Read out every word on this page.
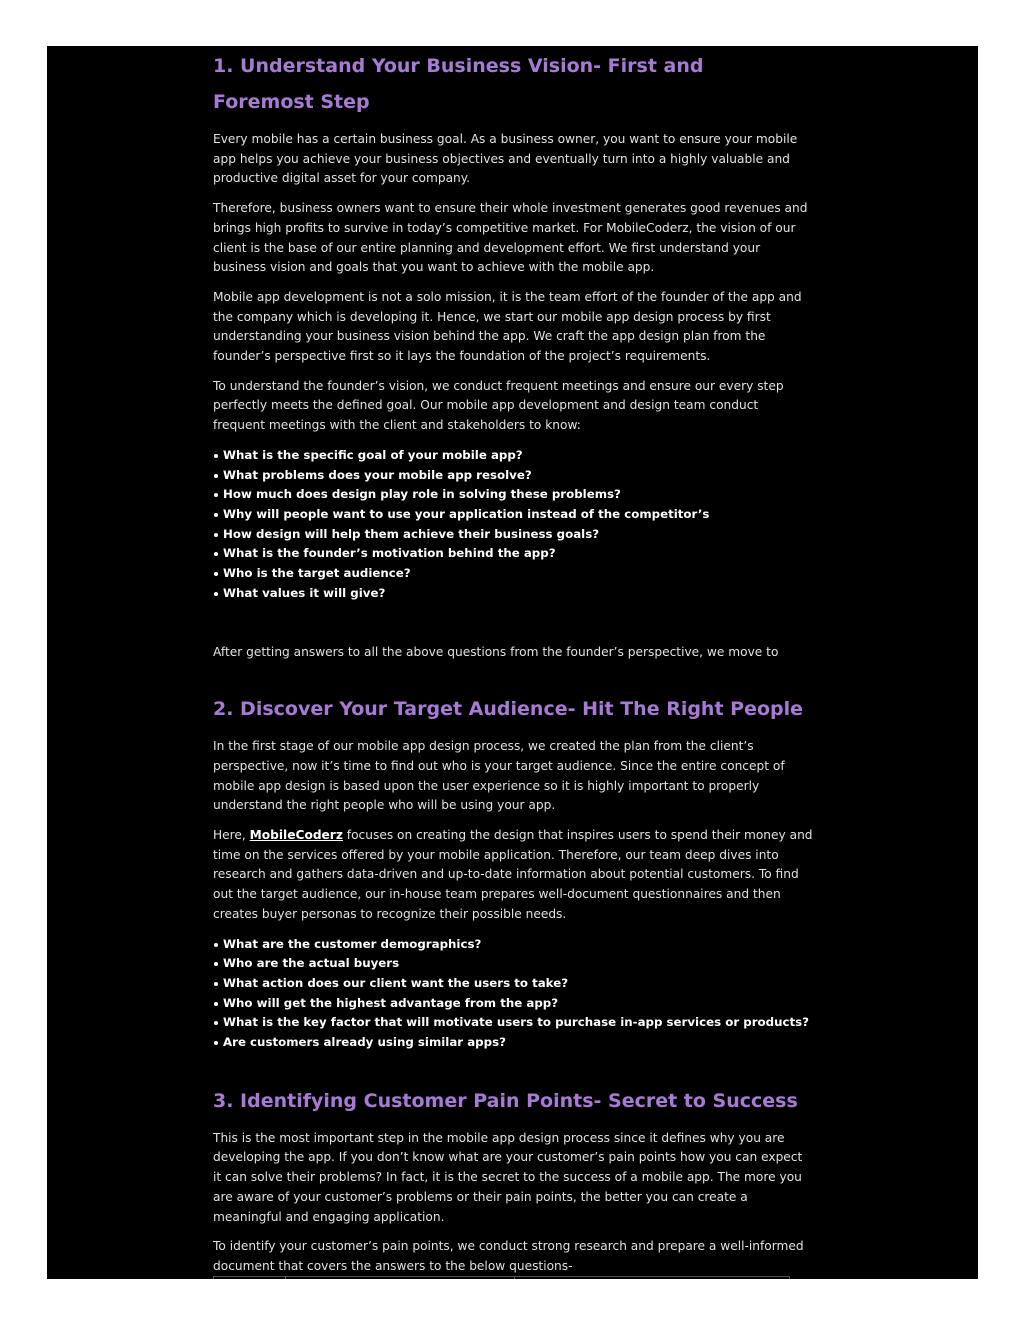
1. Understand Your Business Vision- First and Foremost Step

Every mobile has a certain business goal. As a business owner, you want to ensure your mobile app helps you achieve your business objectives and eventually turn into a highly valuable and productive digital asset for your company.

Therefore, business owners want to ensure their whole investment generates good revenues and brings high profits to survive in today’s competitive market. For MobileCoderz, the vision of our client is the base of our entire planning and development effort. We first understand your business vision and goals that you want to achieve with the mobile app.

Mobile app development is not a solo mission, it is the team effort of the founder of the app and the company which is developing it. Hence, we start our mobile app design process by first understanding your business vision behind the app. We craft the app design plan from the founder’s perspective first so it lays the foundation of the project’s requirements.

To understand the founder’s vision, we conduct frequent meetings and ensure our every step perfectly meets the defined goal. Our mobile app development and design team conduct frequent meetings with the client and stakeholders to know:

What is the specific goal of your mobile app?
What problems does your mobile app resolve?
How much does design play role in solving these problems?
Why will people want to use your application instead of the competitor’s
How design will help them achieve their business goals?
What is the founder’s motivation behind the app?
Who is the target audience?
What values it will give?

After getting answers to all the above questions from the founder’s perspective, we move to

2. Discover Your Target Audience- Hit The Right People

In the first stage of our mobile app design process, we created the plan from the client’s perspective, now it’s time to find out who is your target audience. Since the entire concept of mobile app design is based upon the user experience so it is highly important to properly understand the right people who will be using your app.

Here, MobileCoderz focuses on creating the design that inspires users to spend their money and time on the services offered by your mobile application. Therefore, our team deep dives into research and gathers data-driven and up-to-date information about potential customers. To find out the target audience, our in-house team prepares well-document questionnaires and then creates buyer personas to recognize their possible needs.

What are the customer demographics?
Who are the actual buyers
What action does our client want the users to take?
Who will get the highest advantage from the app?
What is the key factor that will motivate users to purchase in-app services or products?
Are customers already using similar apps?
3. Identifying Customer Pain Points- Secret to Success

This is the most important step in the mobile app design process since it defines why you are developing the app. If you don’t know what are your customer’s pain points how you can expect it can solve their problems? In fact, it is the secret to the success of a mobile app. The more you are aware of your customer’s problems or their pain points, the better you can create a meaningful and engaging application.

To identify your customer’s pain points, we conduct strong research and prepare a well-informed document that covers the answers to the below questions-
